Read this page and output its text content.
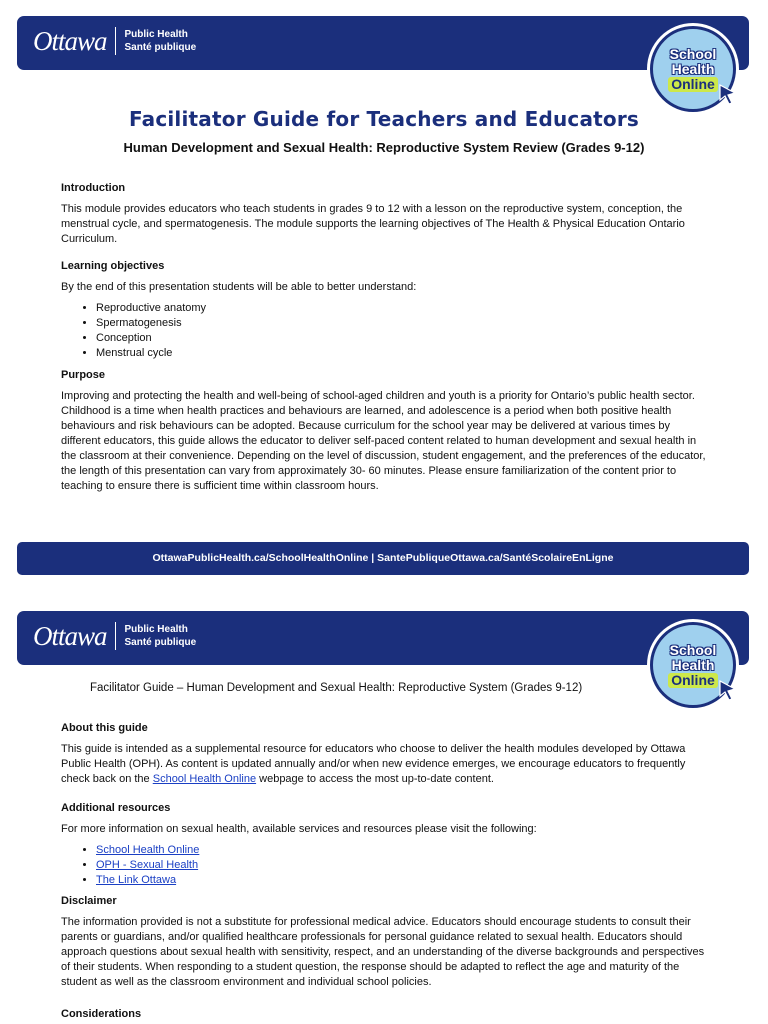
Ottawa Public Health
Santé publique	School
Health
Online
Facilitator Guide for Teachers and Educators
Human Development and Sexual Health: Reproductive System Review (Grades 9-12)
Introduction

This module provides educators who teach students in grades 9 to 12 with a lesson on the reproductive system, conception, the menstrual cycle, and spermatogenesis. The module supports the learning objectives of The Health & Physical Education Ontario Curriculum.

Learning objectives

By the end of this presentation students will be able to better understand:

• Reproductive anatomy
• Spermatogenesis
• Conception
• Menstrual cycle
Purpose

Improving and protecting the health and well-being of school-aged children and youth is a priority for Ontario’s public health sector. Childhood is a time when health practices and behaviours are learned, and adolescence is a period when both positive health behaviours and risk behaviours can be adopted. Because curriculum for the school year may be delivered at various times by different educators, this guide allows the educator to deliver self-paced content related to human development and sexual health in the classroom at their convenience. Depending on the level of discussion, student engagement, and the preferences of the educator, the length of this presentation can vary from approximately 30- 60 minutes. Please ensure familiarization of the content prior to teaching to ensure there is sufficient time within classroom hours.

OttawaPublicHealth.ca/SchoolHealthOnline | SantePubliqueOttawa.ca/SantéScolaireEnLigne
Ottawa Public Health
Santé publique	School
Health
Online
Facilitator Guide – Human Development and Sexual Health: Reproductive System (Grades 9-12)
About this guide

This guide is intended as a supplemental resource for educators who choose to deliver the health modules developed by Ottawa Public Health (OPH). As content is updated annually and/or when new evidence emerges, we encourage educators to frequently check back on the School Health Online webpage to access the most up-to-date content.

Additional resources

For more information on sexual health, available services and resources please visit the following:

• School Health Online
• OPH - Sexual Health
• The Link Ottawa
Disclaimer

The information provided is not a substitute for professional medical advice. Educators should encourage students to consult their parents or guardians, and/or qualified healthcare professionals for personal guidance related to sexual health. Educators should approach questions about sexual health with sensitivity, respect, and an understanding of the diverse backgrounds and perspectives of their students. When responding to a student question, the response should be adapted to reflect the age and maturity of the student as well as the classroom environment and individual school policies.

Considerations
